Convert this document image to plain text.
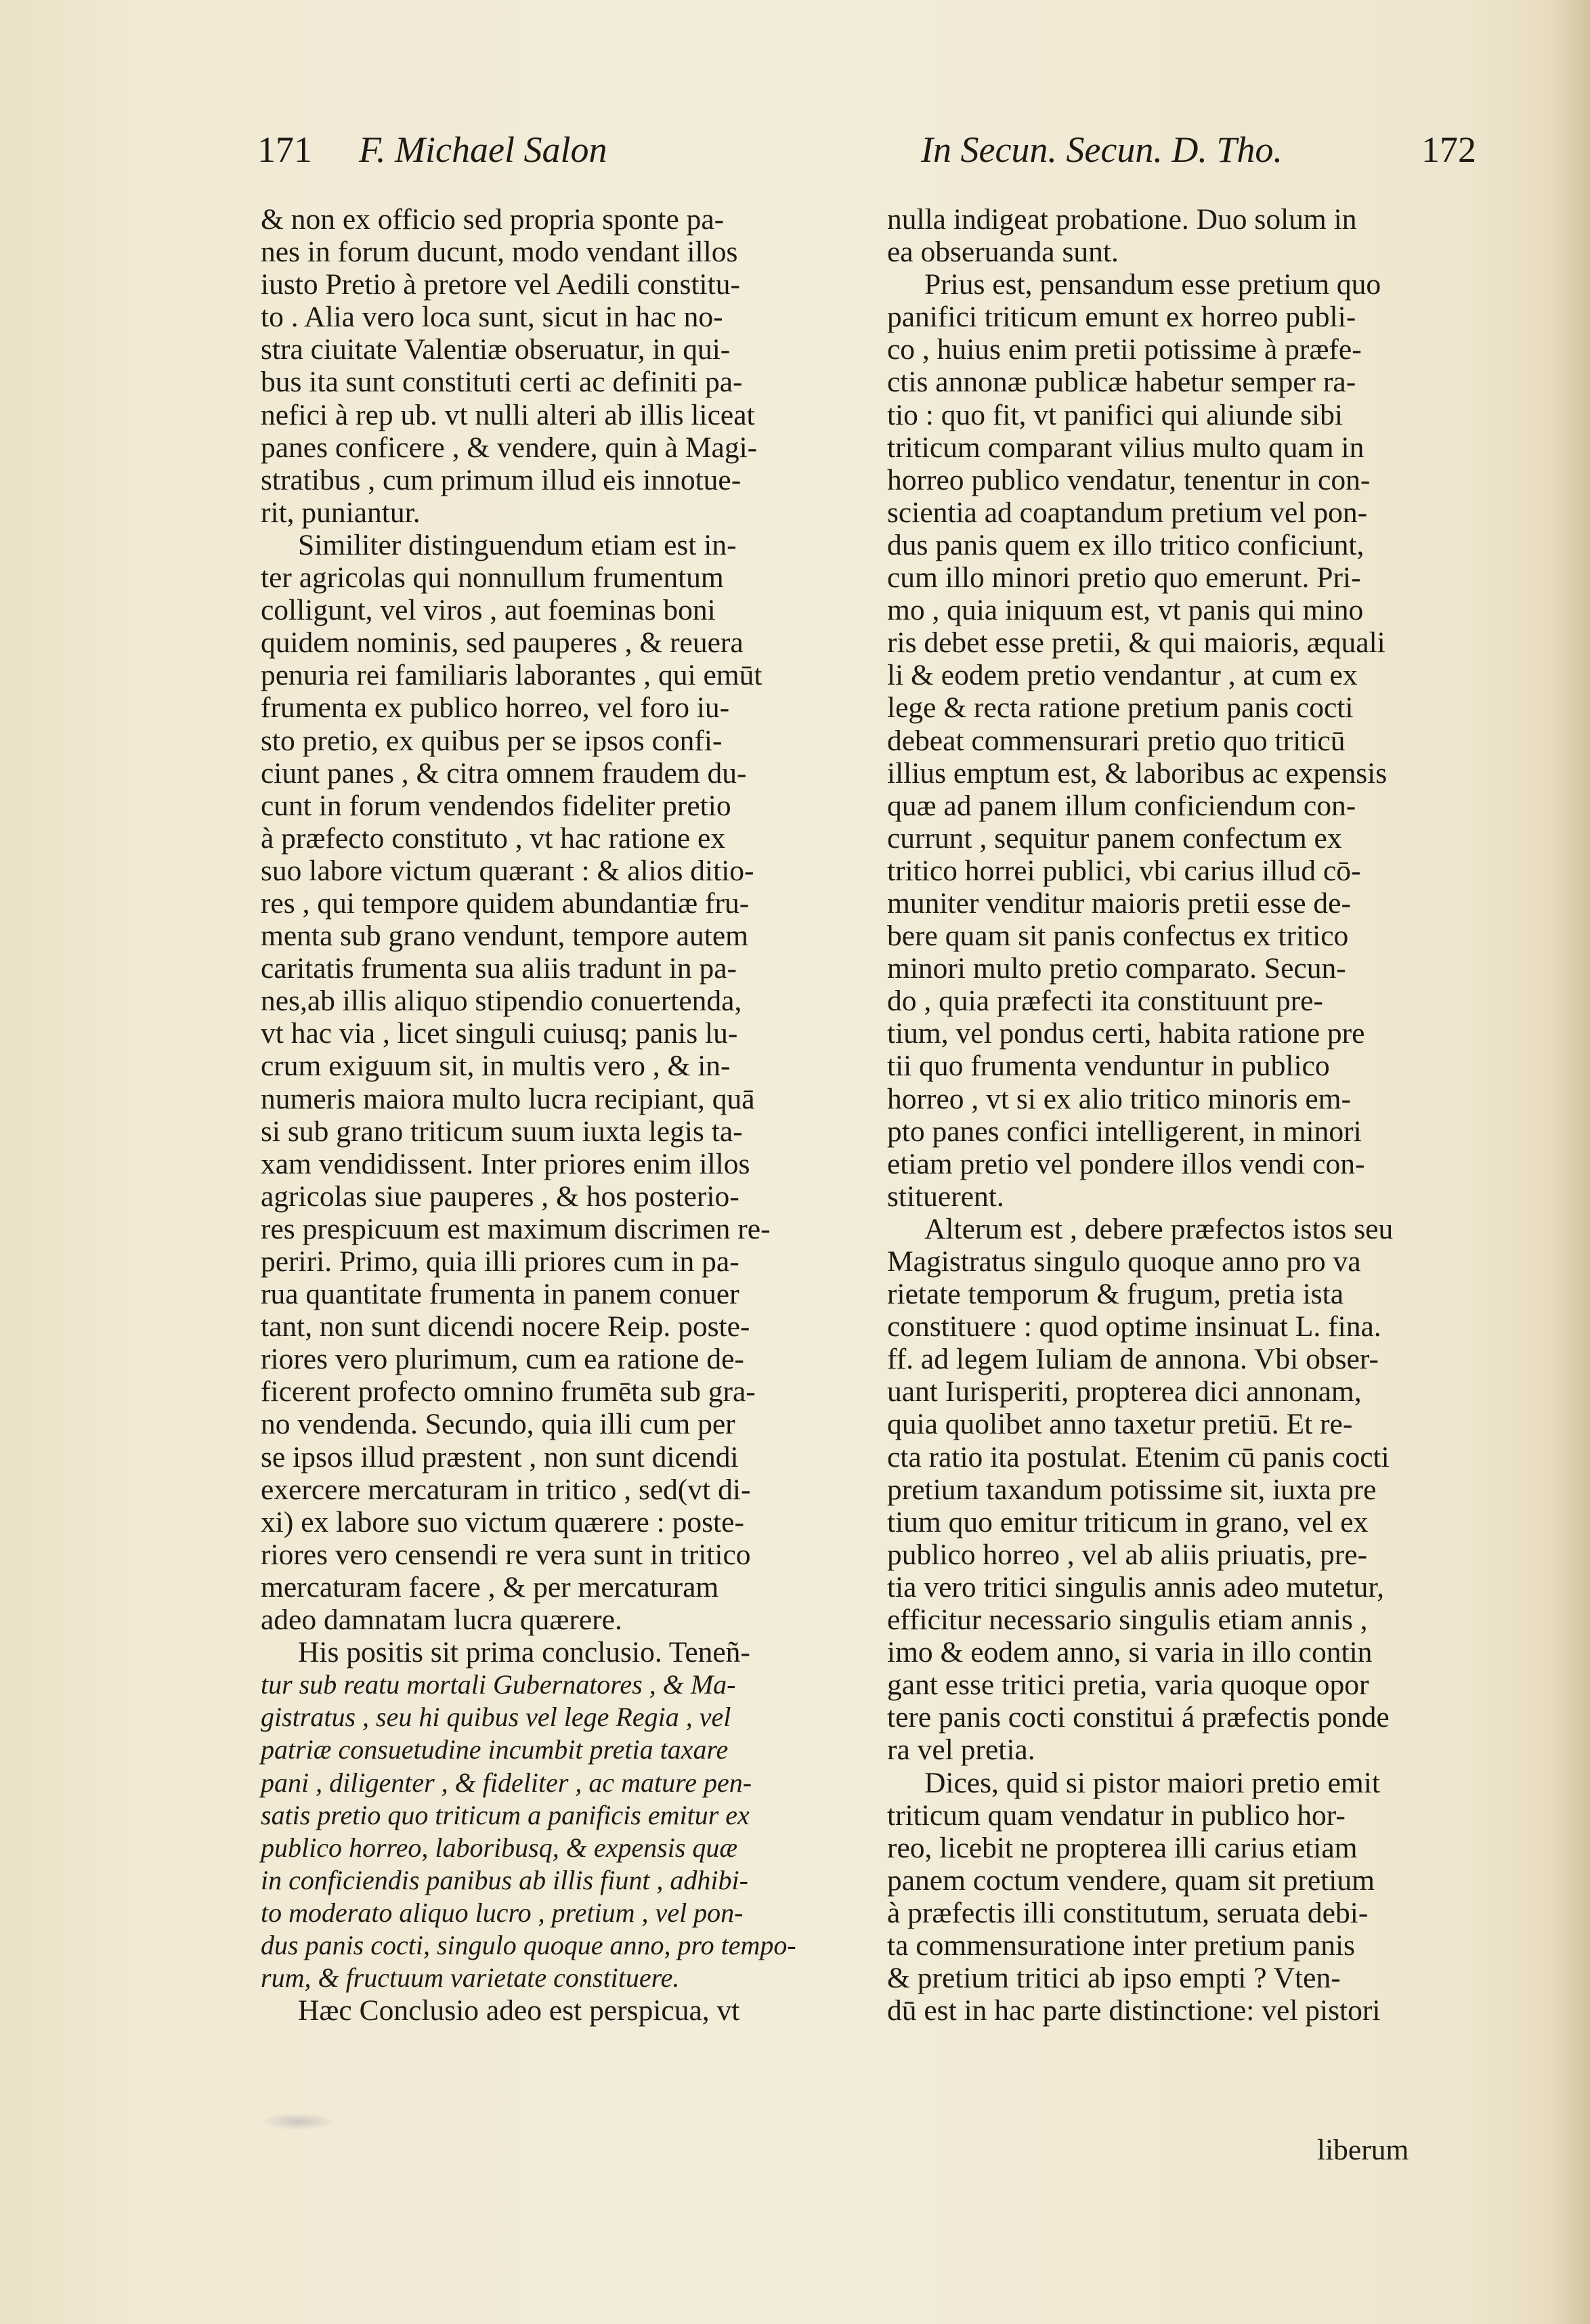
171 F. Michael Salon	In Secun. Secun. D. Tho.	172
& non ex officio sed propria sponte pa-
nes in forum ducunt, modo vendant illos
iusto Pretio à pretore vel Aedili constitu-
to . Alia vero loca sunt, sicut in hac no-
stra ciuitate Valentiæ obseruatur, in qui-
bus ita sunt constituti certi ac definiti pa-
nefici à rep ub. vt nulli alteri ab illis liceat
panes conficere , & vendere, quin à Magi-
stratibus , cum primum illud eis innotue-
rit, puniantur.
Similiter distinguendum etiam est in-
ter agricolas qui nonnullum frumentum
colligunt, vel viros , aut foeminas boni
quidem nominis, sed pauperes , & reuera
penuria rei familiaris laborantes , qui emūt
frumenta ex publico horreo, vel foro iu-
sto pretio, ex quibus per se ipsos confi-
ciunt panes , & citra omnem fraudem du-
cunt in forum vendendos fideliter pretio
à præfecto constituto , vt hac ratione ex
suo labore victum quærant : & alios ditio-
res , qui tempore quidem abundantiæ fru-
menta sub grano vendunt, tempore autem
caritatis frumenta sua aliis tradunt in pa-
nes,ab illis aliquo stipendio conuertenda,
vt hac via , licet singuli cuiusq; panis lu-
crum exiguum sit, in multis vero , & in-
numeris maiora multo lucra recipiant, quā
si sub grano triticum suum iuxta legis ta-
xam vendidissent. Inter priores enim illos
agricolas siue pauperes , & hos posterio-
res prespicuum est maximum discrimen re-
periri. Primo, quia illi priores cum in pa-
rua quantitate frumenta in panem conuer
tant, non sunt dicendi nocere Reip. poste-
riores vero plurimum, cum ea ratione de-
ficerent profecto omnino frumēta sub gra-
no vendenda. Secundo, quia illi cum per
se ipsos illud præstent , non sunt dicendi
exercere mercaturam in tritico , sed(vt di-
xi) ex labore suo victum quærere : poste-
riores vero censendi re vera sunt in tritico
mercaturam facere , & per mercaturam
adeo damnatam lucra quærere.
His positis sit prima conclusio. Teneñ-
tur sub reatu mortali Gubernatores , & Ma-
gistratus , seu hi quibus vel lege Regia , vel
patriæ consuetudine incumbit pretia taxare
pani , diligenter , & fideliter , ac mature pen-
satis pretio quo triticum a panificis emitur ex
publico horreo, laboribusq, & expensis quæ
in conficiendis panibus ab illis fiunt , adhibi-
to moderato aliquo lucro , pretium , vel pon-
dus panis cocti, singulo quoque anno, pro tempo-
rum, & fructuum varietate constituere.
Hæc Conclusio adeo est perspicua, vt
nulla indigeat probatione. Duo solum in
ea obseruanda sunt.
Prius est, pensandum esse pretium quo
panifici triticum emunt ex horreo publi-
co , huius enim pretii potissime à præfe-
ctis annonæ publicæ habetur semper ra-
tio : quo fit, vt panifici qui aliunde sibi
triticum comparant vilius multo quam in
horreo publico vendatur, tenentur in con-
scientia ad coaptandum pretium vel pon-
dus panis quem ex illo tritico conficiunt,
cum illo minori pretio quo emerunt. Pri-
mo , quia iniquum est, vt panis qui mino
ris debet esse pretii, & qui maioris, æquali
li & eodem pretio vendantur , at cum ex
lege & recta ratione pretium panis cocti
debeat commensurari pretio quo triticū
illius emptum est, & laboribus ac expensis
quæ ad panem illum conficiendum con-
currunt , sequitur panem confectum ex
tritico horrei publici, vbi carius illud cō-
muniter venditur maioris pretii esse de-
bere quam sit panis confectus ex tritico
minori multo pretio comparato. Secun-
do , quia præfecti ita constituunt pre-
tium, vel pondus certi, habita ratione pre
tii quo frumenta venduntur in publico
horreo , vt si ex alio tritico minoris em-
pto panes confici intelligerent, in minori
etiam pretio vel pondere illos vendi con-
stituerent.
Alterum est , debere præfectos istos seu
Magistratus singulo quoque anno pro va
rietate temporum & frugum, pretia ista
constituere : quod optime insinuat L. fina.
ff. ad legem Iuliam de annona. Vbi obser-
uant Iurisperiti, propterea dici annonam,
quia quolibet anno taxetur pretiū. Et re-
cta ratio ita postulat. Etenim cū panis cocti
pretium taxandum potissime sit, iuxta pre
tium quo emitur triticum in grano, vel ex
publico horreo , vel ab aliis priuatis, pre-
tia vero tritici singulis annis adeo mutetur,
efficitur necessario singulis etiam annis ,
imo & eodem anno, si varia in illo contin
gant esse tritici pretia, varia quoque opor
tere panis cocti constitui á præfectis ponde
ra vel pretia.
Dices, quid si pistor maiori pretio emit
triticum quam vendatur in publico hor-
reo, licebit ne propterea illi carius etiam
panem coctum vendere, quam sit pretium
à præfectis illi constitutum, seruata debi-
ta commensuratione inter pretium panis
& pretium tritici ab ipso empti ? Vten-
dū est in hac parte distinctione: vel pistori
liberum
